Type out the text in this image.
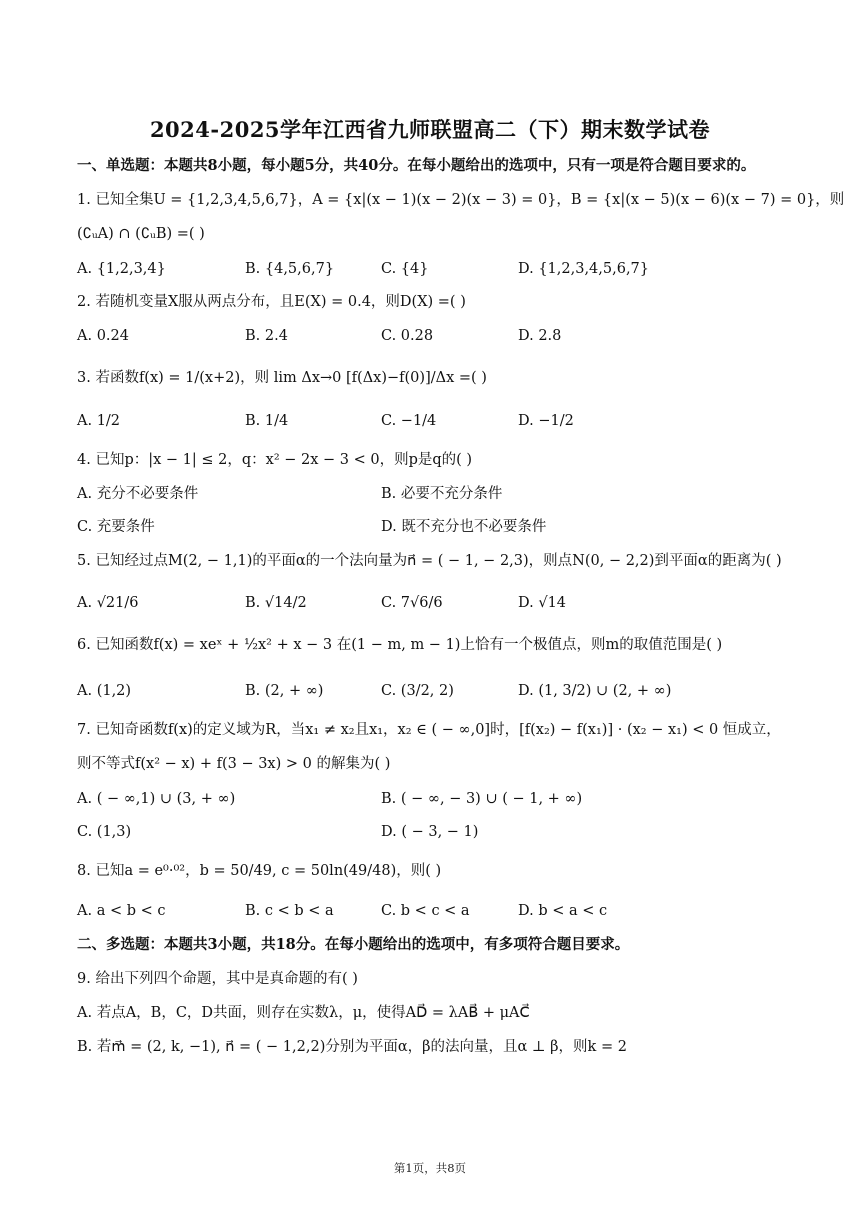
2024-2025学年江西省九师联盟高二（下）期末数学试卷
一、单选题：本题共8小题，每小题5分，共40分。在每小题给出的选项中，只有一项是符合题目要求的。
1. 已知全集U = {1,2,3,4,5,6,7}，A = {x|(x − 1)(x − 2)(x − 3) = 0}，B = {x|(x − 5)(x − 6)(x − 7) = 0}，则
(∁ᵤA) ∩ (∁ᵤB) =( )
A. {1,2,3,4}	B. {4,5,6,7}	C. {4}	D. {1,2,3,4,5,6,7}
2. 若随机变量X服从两点分布，且E(X) = 0.4，则D(X) =( )
A. 0.24	B. 2.4	C. 0.28	D. 2.8
3. 若函数f(x) = 1/(x+2)，则 lim Δx→0 [f(Δx)−f(0)]/Δx =( )
A. 1/2	B. 1/4	C. −1/4	D. −1/2
4. 已知p：|x − 1| ≤ 2，q：x² − 2x − 3 < 0，则p是q的( )
A. 充分不必要条件	B. 必要不充分条件
C. 充要条件	D. 既不充分也不必要条件
5. 已知经过点M(2, − 1,1)的平面α的一个法向量为n⃗ = ( − 1, − 2,3)，则点N(0, − 2,2)到平面α的距离为( )
A. √21/6	B. √14/2	C. 7√6/6	D. √14
6. 已知函数f(x) = xeˣ + ½x² + x − 3 在(1 − m, m − 1)上恰有一个极值点，则m的取值范围是( )
A. (1,2)	B. (2, + ∞)	C. (3/2, 2)	D. (1, 3/2) ∪ (2, + ∞)
7. 已知奇函数f(x)的定义域为R，当x₁ ≠ x₂且x₁，x₂ ∈ ( − ∞,0]时，[f(x₂) − f(x₁)] · (x₂ − x₁) < 0 恒成立，
则不等式f(x² − x) + f(3 − 3x) > 0 的解集为( )
A. ( − ∞,1) ∪ (3, + ∞)	B. ( − ∞, − 3) ∪ ( − 1, + ∞)
C. (1,3)	D. ( − 3, − 1)
8. 已知a = e⁰·⁰²，b = 50/49, c = 50ln(49/48)，则( )
A. a < b < c	B. c < b < a	C. b < c < a	D. b < a < c
二、多选题：本题共3小题，共18分。在每小题给出的选项中，有多项符合题目要求。
9. 给出下列四个命题，其中是真命题的有( )
A. 若点A，B，C，D共面，则存在实数λ，μ，使得AD⃗ = λAB⃗ + μAC⃗
B. 若m⃗ = (2, k, −1), n⃗ = ( − 1,2,2)分别为平面α，β的法向量，且α ⊥ β，则k = 2
第1页，共8页
